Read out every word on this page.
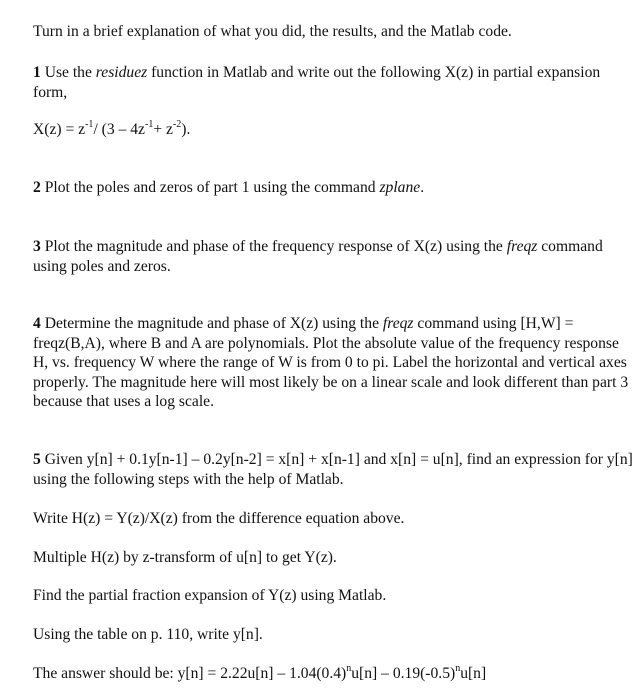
Turn in a brief explanation of what you did, the results, and the Matlab code.

1 Use the residuez function in Matlab and write out the following X(z) in partial expansion form,

$X(z) = z^{-1}/$ $(3 - 4z^{-1}+ z^{-2})$.

2 Plot the poles and zeros of part 1 using the command zplane.

3 Plot the magnitude and phase of the frequency response of X(z) using the freqz command using poles and zeros.

4 Determine the magnitude and phase of X(z) using the freqz command using [H,W] = freqz(B,A), where B and A are polynomials. Plot the absolute value of the frequency response H, vs. frequency W where the range of W is from 0 to pi. Label the horizontal and vertical axes properly. The magnitude here will most likely be on a linear scale and look different than part 3 because that uses a log scale.

5 Given y[n] + 0.1y[n-1] – 0.2y[n-2] = x[n] + x[n-1] and x[n] = u[n], find an expression for y[n] using the following steps with the help of Matlab.

Write H(z) = Y(z)/X(z) from the difference equation above.

Multiple H(z) by z-transform of u[n] to get Y(z).

Find the partial fraction expansion of Y(z) using Matlab.

Using the table on p. 110, write y[n].

The answer should be: $y[n] = 2.22u[n] - 1.04(0.4)^nu[n] - 0.19(-0.5)^nu[n]$
